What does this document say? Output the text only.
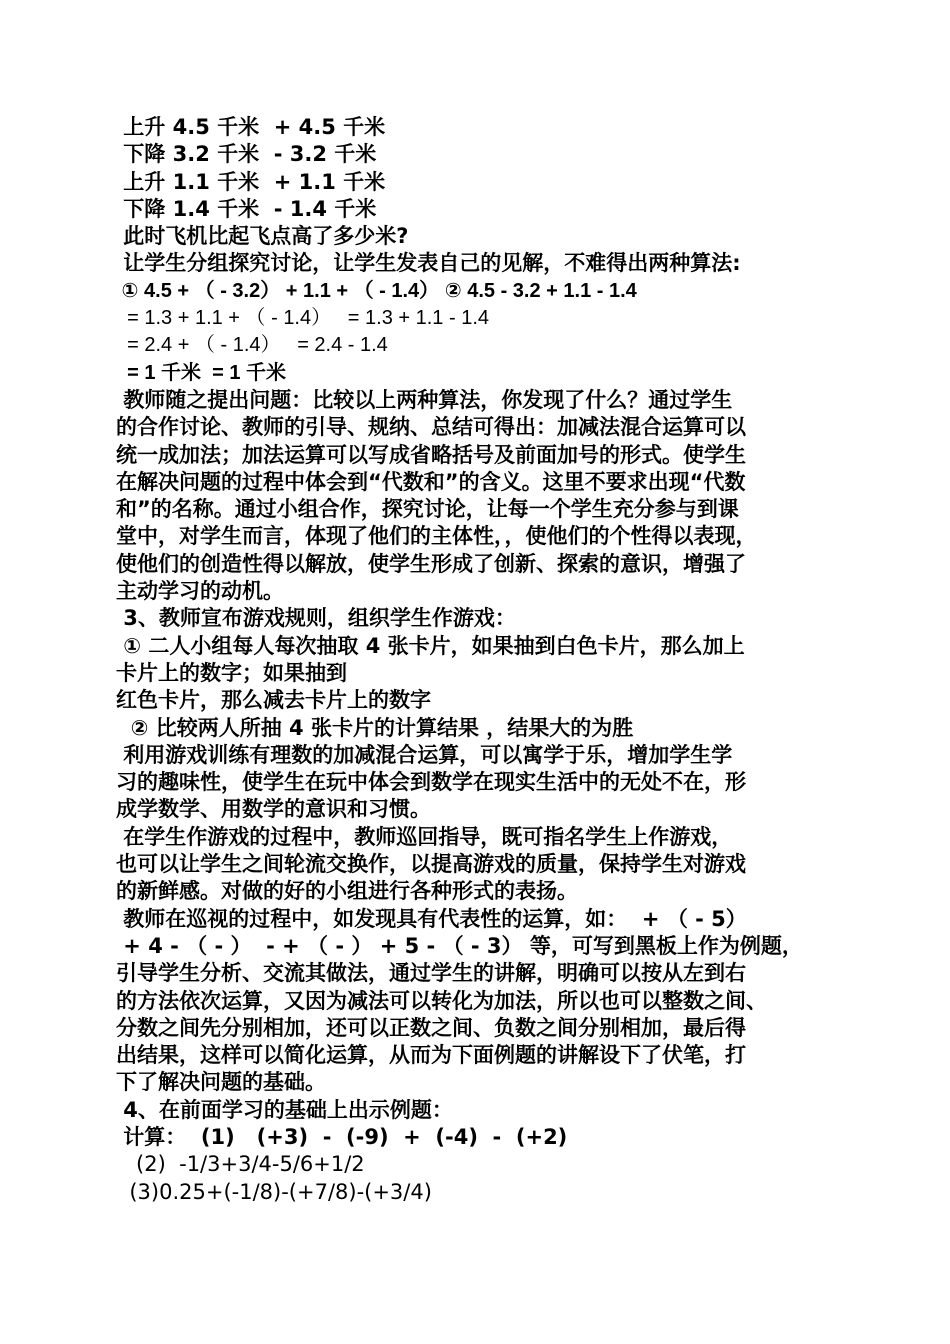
上升 4.5 千米  + 4.5 千米
下降 3.2 千米  - 3.2 千米
上升 1.1 千米  + 1.1 千米
下降 1.4 千米  - 1.4 千米
此时飞机比起飞点高了多少米?
让学生分组探究讨论，让学生发表自己的见解，不难得出两种算法:
① 4.5 + （ - 3.2） + 1.1 + （ - 1.4） ② 4.5 - 3.2 + 1.1 - 1.4
= 1.3 + 1.1 + （ - 1.4）   = 1.3 + 1.1 - 1.4
= 2.4 + （ - 1.4）   = 2.4 - 1.4
= 1 千米  = 1 千米
教师随之提出问题：比较以上两种算法，你发现了什么？通过学生
的合作讨论、教师的引导、规纳、总结可得出：加减法混合运算可以
统一成加法；加法运算可以写成省略括号及前面加号的形式。使学生
在解决问题的过程中体会到“代数和”的含义。这里不要求出现“代数
和”的名称。通过小组合作，探究讨论，让每一个学生充分参与到课
堂中，对学生而言，体现了他们的主体性，，使他们的个性得以表现，
使他们的创造性得以解放，使学生形成了创新、探索的意识，增强了
主动学习的动机。
3、教师宣布游戏规则，组织学生作游戏：
① 二人小组每人每次抽取 4 张卡片，如果抽到白色卡片，那么加上
卡片上的数字；如果抽到
红色卡片，那么减去卡片上的数字
② 比较两人所抽 4 张卡片的计算结果 ，结果大的为胜
利用游戏训练有理数的加减混合运算，可以寓学于乐，增加学生学
习的趣味性，使学生在玩中体会到数学在现实生活中的无处不在，形
成学数学、用数学的意识和习惯。
在学生作游戏的过程中，教师巡回指导，既可指名学生上作游戏，
也可以让学生之间轮流交换作，以提高游戏的质量，保持学生对游戏
的新鲜感。对做的好的小组进行各种形式的表扬。
教师在巡视的过程中，如发现具有代表性的运算，如：  + （ - 5）
+ 4 - （ - ）  - + （ - ） + 5 - （ - 3） 等，可写到黑板上作为例题，
引导学生分析、交流其做法，通过学生的讲解，明确可以按从左到右
的方法依次运算，又因为减法可以转化为加法，所以也可以整数之间、
分数之间先分别相加，还可以正数之间、负数之间分别相加，最后得
出结果，这样可以简化运算，从而为下面例题的讲解设下了伏笔，打
下了解决问题的基础。
4、在前面学习的基础上出示例题：
计算：  (1)   (+3)  -  (-9)  +  (-4)  -  (+2)
(2)  -1/3+3/4-5/6+1/2
(3)0.25+(-1/8)-(+7/8)-(+3/4)
